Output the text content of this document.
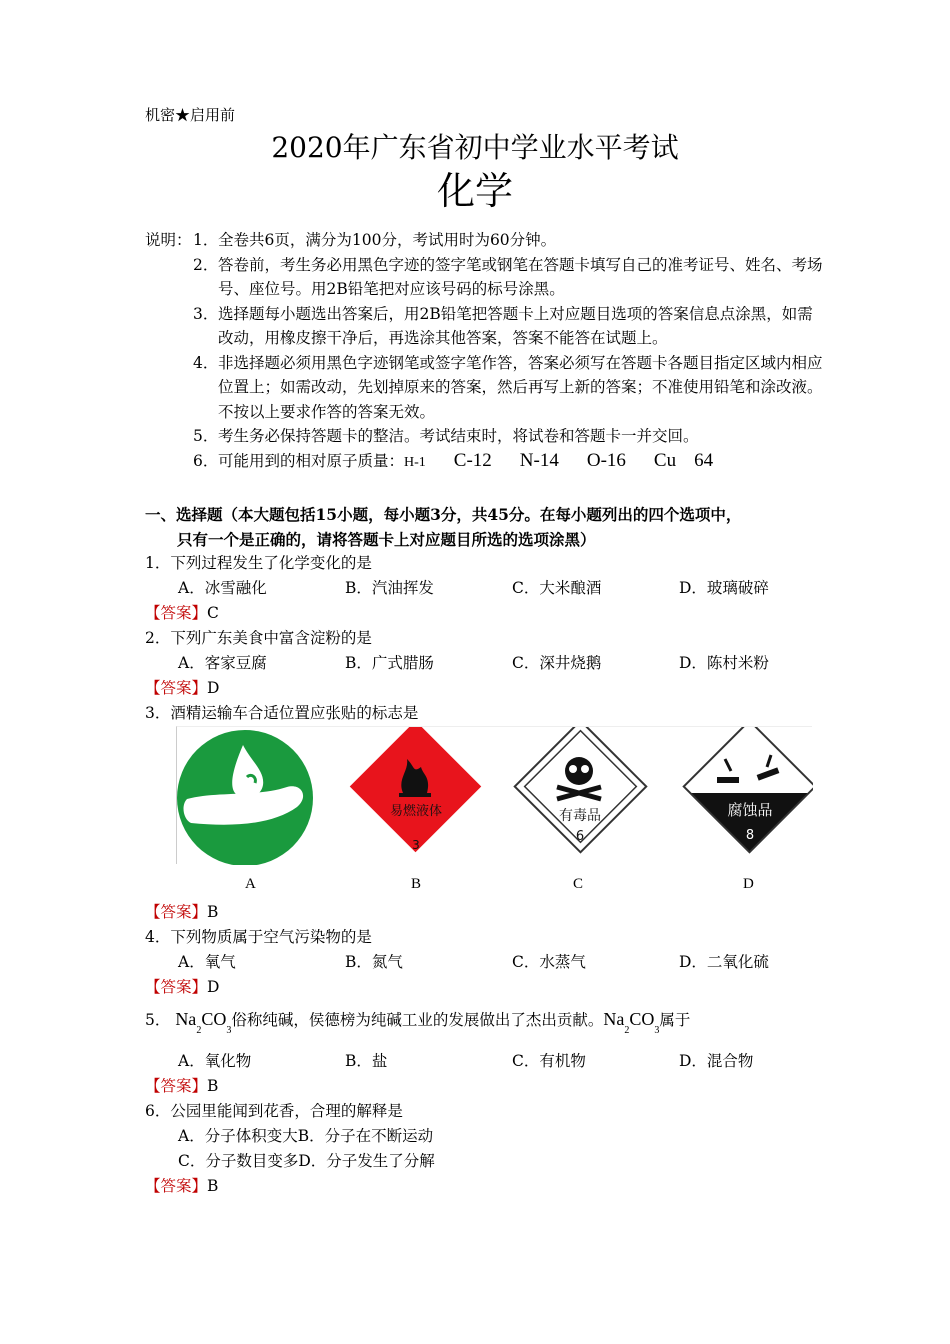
机密★启用前
2020年广东省初中学业水平考试
化学
说明： 1． 全卷共6页，满分为100分，考试用时为60分钟。
2． 答卷前，考生务必用黑色字迹的签字笔或钢笔在答题卡填写自己的准考证号、姓名、考场号、座位号。用2B铅笔把对应该号码的标号涂黑。
3． 选择题每小题选出答案后，用2B铅笔把答题卡上对应题目选项的答案信息点涂黑，如需改动，用橡皮擦干净后，再选涂其他答案，答案不能答在试题上。
4． 非选择题必须用黑色字迹钢笔或签字笔作答，答案必须写在答题卡各题目指定区域内相应位置上；如需改动，先划掉原来的答案，然后再写上新的答案；不准使用铅笔和涂改液。不按以上要求作答的答案无效。
5． 考生务必保持答题卡的整洁。考试结束时，将试卷和答题卡一并交回。
6． 可能用到的相对原子质量：H-1 C-12 N-14 O-16 Cu 64
一、选择题（本大题包括15小题，每小题3分，共45分。在每小题列出的四个选项中，
只有一个是正确的，请将答题卡上对应题目所选的选项涂黑）
1．下列过程发生了化学变化的是
A．冰雪融化	B．汽油挥发	C．大米酿酒	D．玻璃破碎
【答案】C
2．下列广东美食中富含淀粉的是
A．客家豆腐	B．广式腊肠	C．深井烧鹅	D．陈村米粉
【答案】D
3．酒精运输车合适位置应张贴的标志是
易燃液体
3
有毒品
6
腐蚀品
8
A	B	C	D
【答案】B
4．下列物质属于空气污染物的是
A．氧气	B．氮气	C．水蒸气	D．二氧化硫
【答案】D
5． $Na_2CO_3$俗称纯碱，侯德榜为纯碱工业的发展做出了杰出贡献。$Na_2CO_3$属于
A．氧化物	B．盐	C．有机物	D．混合物
【答案】B
6．公园里能闻到花香，合理的解释是
A．分子体积变大 B．分子在不断运动
C．分子数目变多 D．分子发生了分解
【答案】B
